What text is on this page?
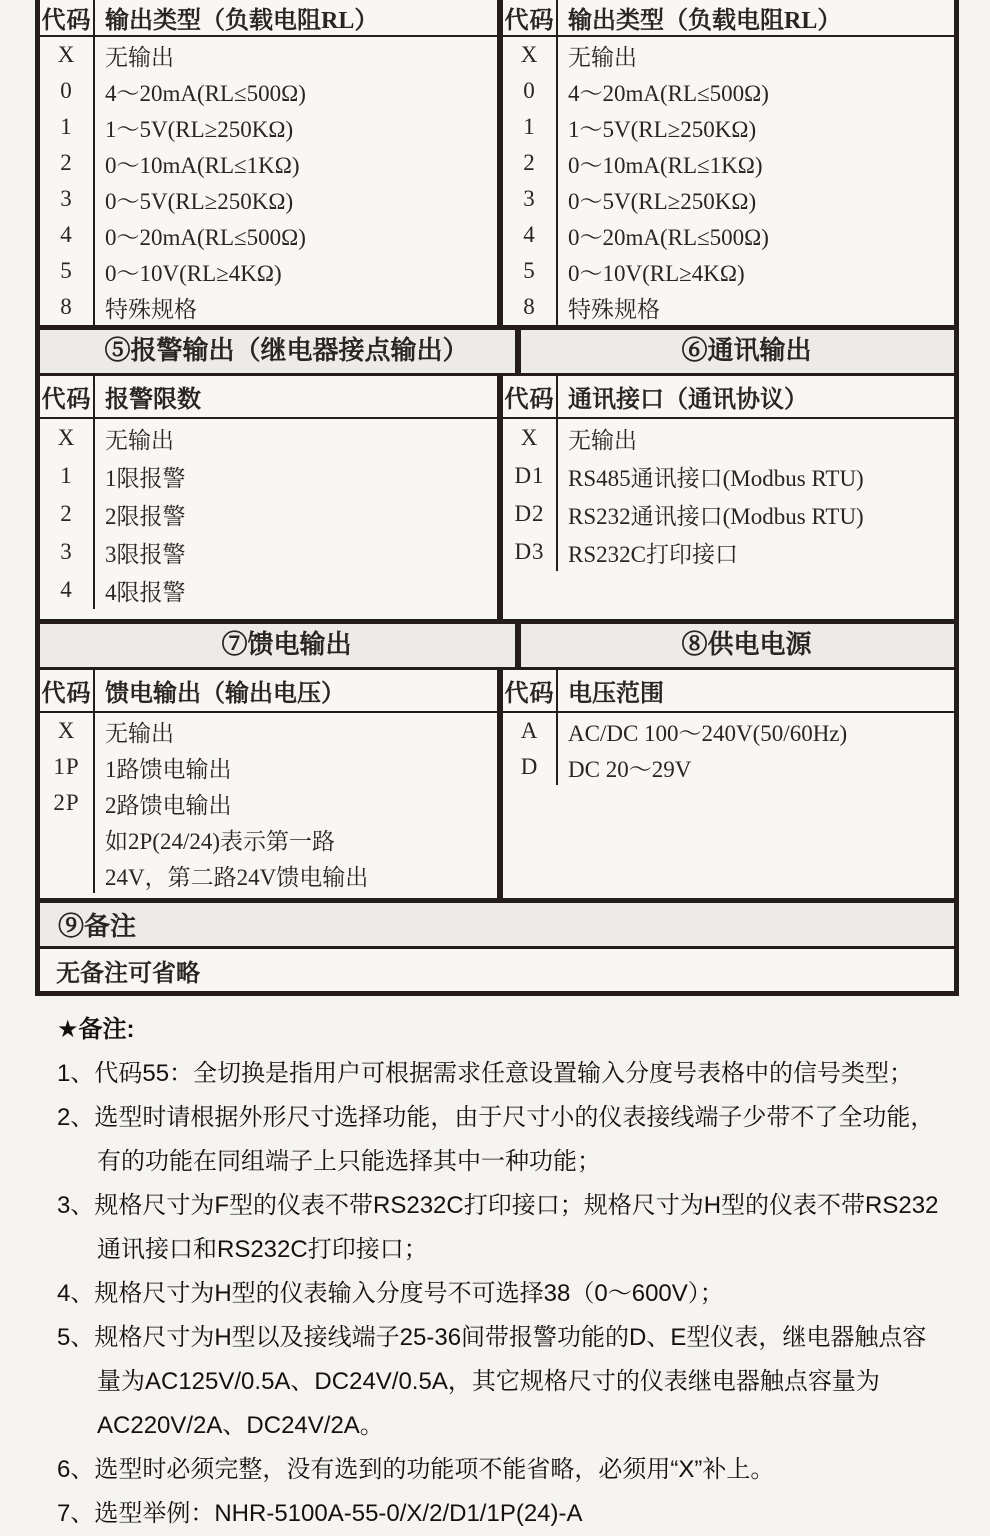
代码 输出类型（负载电阻RL）
X	无输出
0	4～20mA(RL≤500Ω)
1	1～5V(RL≥250KΩ)
2	0～10mA(RL≤1KΩ)
3	0～5V(RL≥250KΩ)
4	0～20mA(RL≤500Ω)
5	0～10V(RL≥4KΩ)
8	特殊规格
代码 输出类型（负载电阻RL）
X	无输出
0	4～20mA(RL≤500Ω)
1	1～5V(RL≥250KΩ)
2	0～10mA(RL≤1KΩ)
3	0～5V(RL≥250KΩ)
4	0～20mA(RL≤500Ω)
5	0～10V(RL≥4KΩ)
8	特殊规格
⑤报警输出（继电器接点输出）	⑥通讯输出
代码 报警限数
X	无输出
1	1限报警
2	2限报警
3	3限报警
4	4限报警
代码 通讯接口（通讯协议）
X	无输出
D1	RS485通讯接口(Modbus RTU)
D2	RS232通讯接口(Modbus RTU)
D3	RS232C打印接口
⑦馈电输出	⑧供电电源
代码 馈电输出（输出电压）
X	无输出
1P	1路馈电输出
2P	2路馈电输出
如2P(24/24)表示第一路
24V，第二路24V馈电输出
代码 电压范围
A	AC/DC 100～240V(50/60Hz)
D	DC 20～29V
⑨备注
无备注可省略
★备注:
1、代码55：全切换是指用户可根据需求任意设置输入分度号表格中的信号类型；
2、选型时请根据外形尺寸选择功能，由于尺寸小的仪表接线端子少带不了全功能，有的功能在同组端子上只能选择其中一种功能；
3、规格尺寸为F型的仪表不带RS232C打印接口；规格尺寸为H型的仪表不带RS232通讯接口和RS232C打印接口；
4、规格尺寸为H型的仪表输入分度号不可选择38（0～600V）；
5、规格尺寸为H型以及接线端子25-36间带报警功能的D、E型仪表，继电器触点容量为AC125V/0.5A、DC24V/0.5A，其它规格尺寸的仪表继电器触点容量为AC220V/2A、DC24V/2A。
6、选型时必须完整，没有选到的功能项不能省略，必须用“X”补上。
7、选型举例：NHR-5100A-55-0/X/2/D1/1P(24)-A
